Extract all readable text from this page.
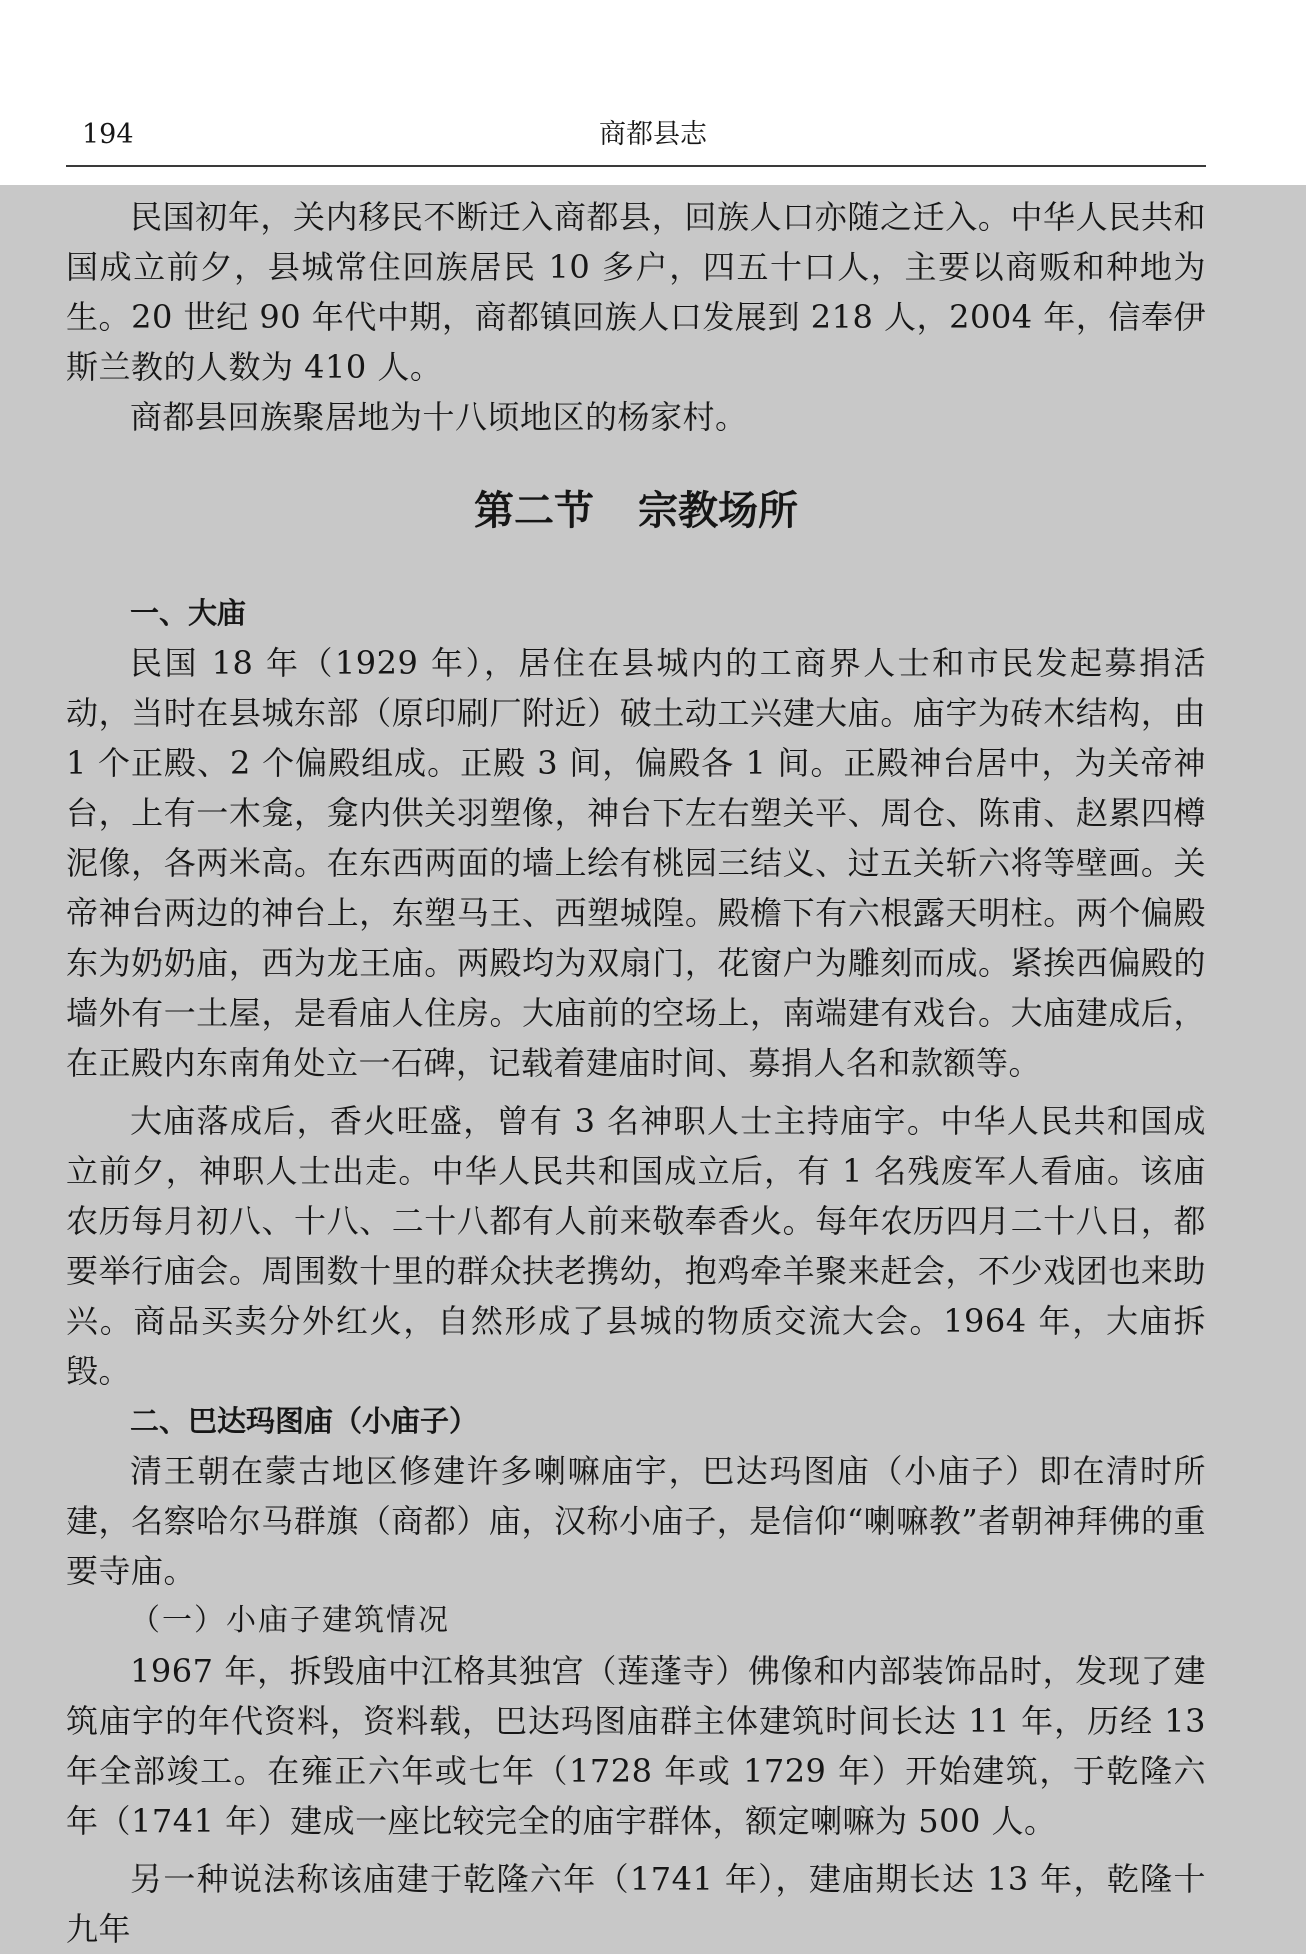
194	商都县志

民国初年，关内移民不断迁入商都县，回族人口亦随之迁入。中华人民共和国成立前夕，县城常住回族居民 10 多户，四五十口人，主要以商贩和种地为生。20 世纪 90 年代中期，商都镇回族人口发展到 218 人，2004 年，信奉伊斯兰教的人数为 410 人。

商都县回族聚居地为十八顷地区的杨家村。

第二节 宗教场所
一、大庙

民国 18 年（1929 年），居住在县城内的工商界人士和市民发起募捐活动，当时在县城东部（原印刷厂附近）破土动工兴建大庙。庙宇为砖木结构，由 1 个正殿、2 个偏殿组成。正殿 3 间，偏殿各 1 间。正殿神台居中，为关帝神台，上有一木龛，龛内供关羽塑像，神台下左右塑关平、周仓、陈甫、赵累四樽泥像，各两米高。在东西两面的墙上绘有桃园三结义、过五关斩六将等壁画。关帝神台两边的神台上，东塑马王、西塑城隍。殿檐下有六根露天明柱。两个偏殿东为奶奶庙，西为龙王庙。两殿均为双扇门，花窗户为雕刻而成。紧挨西偏殿的墙外有一土屋，是看庙人住房。大庙前的空场上，南端建有戏台。大庙建成后，在正殿内东南角处立一石碑，记载着建庙时间、募捐人名和款额等。

大庙落成后，香火旺盛，曾有 3 名神职人士主持庙宇。中华人民共和国成立前夕，神职人士出走。中华人民共和国成立后，有 1 名残废军人看庙。该庙农历每月初八、十八、二十八都有人前来敬奉香火。每年农历四月二十八日，都要举行庙会。周围数十里的群众扶老携幼，抱鸡牵羊聚来赶会，不少戏团也来助兴。商品买卖分外红火，自然形成了县城的物质交流大会。1964 年，大庙拆毁。

二、巴达玛图庙（小庙子）

清王朝在蒙古地区修建许多喇嘛庙宇，巴达玛图庙（小庙子）即在清时所建，名察哈尔马群旗（商都）庙，汉称小庙子，是信仰“喇嘛教”者朝神拜佛的重要寺庙。

（一）小庙子建筑情况

1967 年，拆毁庙中江格其独宫（莲蓬寺）佛像和内部装饰品时，发现了建筑庙宇的年代资料，资料载，巴达玛图庙群主体建筑时间长达 11 年，历经 13 年全部竣工。在雍正六年或七年（1728 年或 1729 年）开始建筑，于乾隆六年（1741 年）建成一座比较完全的庙宇群体，额定喇嘛为 500 人。

另一种说法称该庙建于乾隆六年（1741 年），建庙期长达 13 年，乾隆十九年
